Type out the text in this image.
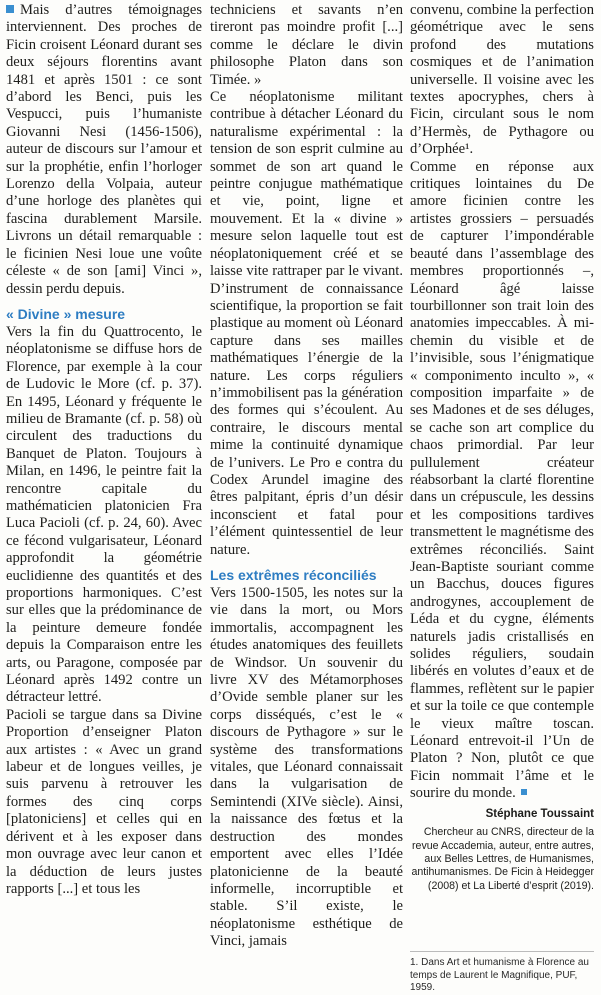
Mais d’autres témoignages interviennent. Des proches de Ficin croisent Léonard durant ses deux séjours florentins avant 1481 et après 1501 : ce sont d’abord les Benci, puis les Vespucci, puis l’humaniste Giovanni Nesi (1456-1506), auteur de discours sur l’amour et sur la prophétie, enfin l’horloger Lorenzo della Volpaia, auteur d’une horloge des planètes qui fascina durablement Marsile. Livrons un détail remarquable : le ficinien Nesi loue une voûte céleste « de son [ami] Vinci », dessin perdu depuis.

« Divine » mesure

Vers la fin du Quattrocento, le néoplatonisme se diffuse hors de Florence, par exemple à la cour de Ludovic le More (cf. p. 37). En 1495, Léonard y fréquente le milieu de Bramante (cf. p. 58) où circulent des traductions du Banquet de Platon. Toujours à Milan, en 1496, le peintre fait la rencontre capitale du mathématicien platonicien Fra Luca Pacioli (cf. p. 24, 60). Avec ce fécond vulgarisateur, Léonard approfondit la géométrie euclidienne des quantités et des proportions harmoniques. C’est sur elles que la prédominance de la peinture demeure fondée depuis la Comparaison entre les arts, ou Paragone, composée par Léonard après 1492 contre un détracteur lettré.

Pacioli se targue dans sa Divine Proportion d’enseigner Platon aux artistes : « Avec un grand labeur et de longues veilles, je suis parvenu à retrouver les formes des cinq corps [platoniciens] et celles qui en dérivent et à les exposer dans mon ouvrage avec leur canon et la déduction de leurs justes rapports [...] et tous les

techniciens et savants n’en tireront pas moindre profit [...] comme le déclare le divin philosophe Platon dans son Timée. »

Ce néoplatonisme militant contribue à détacher Léonard du naturalisme expérimental : la tension de son esprit culmine au sommet de son art quand le peintre conjugue mathématique et vie, point, ligne et mouvement. Et la « divine » mesure selon laquelle tout est néoplatoniquement créé et se laisse vite rattraper par le vivant. D’instrument de connaissance scientifique, la proportion se fait plastique au moment où Léonard capture dans ses mailles mathématiques l’énergie de la nature. Les corps réguliers n’immobilisent pas la génération des formes qui s’écoulent. Au contraire, le discours mental mime la continuité dynamique de l’univers. Le Pro e contra du Codex Arundel imagine des êtres palpitant, épris d’un désir inconscient et fatal pour l’élément quintessentiel de leur nature.

Les extrêmes réconciliés

Vers 1500-1505, les notes sur la vie dans la mort, ou Mors immortalis, accompagnent les études anatomiques des feuillets de Windsor. Un souvenir du livre XV des Métamorphoses d’Ovide semble planer sur les corps disséqués, c’est le « discours de Pythagore » sur le système des transformations vitales, que Léonard connaissait dans la vulgarisation de Semintendi (XIVe siècle). Ainsi, la naissance des fœtus et la destruction des mondes emportent avec elles l’Idée platonicienne de la beauté informelle, incorruptible et stable. S’il existe, le néoplatonisme esthétique de Vinci, jamais

convenu, combine la perfection géométrique avec le sens profond des mutations cosmiques et de l’animation universelle. Il voisine avec les textes apocryphes, chers à Ficin, circulant sous le nom d’Hermès, de Pythagore ou d’Orphée¹.

Comme en réponse aux critiques lointaines du De amore ficinien contre les artistes grossiers – persuadés de capturer l’impondérable beauté dans l’assemblage des membres proportionnés –, Léonard âgé laisse tourbillonner son trait loin des anatomies impeccables. À mi-chemin du visible et de l’invisible, sous l’énigmatique « componimento inculto », « composition imparfaite » de ses Madones et de ses déluges, se cache son art complice du chaos primordial. Par leur pullulement créateur réabsorbant la clarté florentine dans un crépuscule, les dessins et les compositions tardives transmettent le magnétisme des extrêmes réconciliés. Saint Jean-Baptiste souriant comme un Bacchus, douces figures androgynes, accouplement de Léda et du cygne, éléments naturels jadis cristallisés en solides réguliers, soudain libérés en volutes d’eaux et de flammes, reflètent sur le papier et sur la toile ce que contemple le vieux maître toscan. Léonard entrevoit-il l’Un de Platon ? Non, plutôt ce que Ficin nommait l’âme et le sourire du monde.

Stéphane Toussaint
Chercheur au CNRS, directeur de la revue Accademia, auteur, entre autres, aux Belles Lettres, de Humanismes, antihumanismes. De Ficin à Heidegger (2008) et La Liberté d’esprit (2019).
1. Dans Art et humanisme à Florence au temps de Laurent le Magnifique, PUF, 1959.
